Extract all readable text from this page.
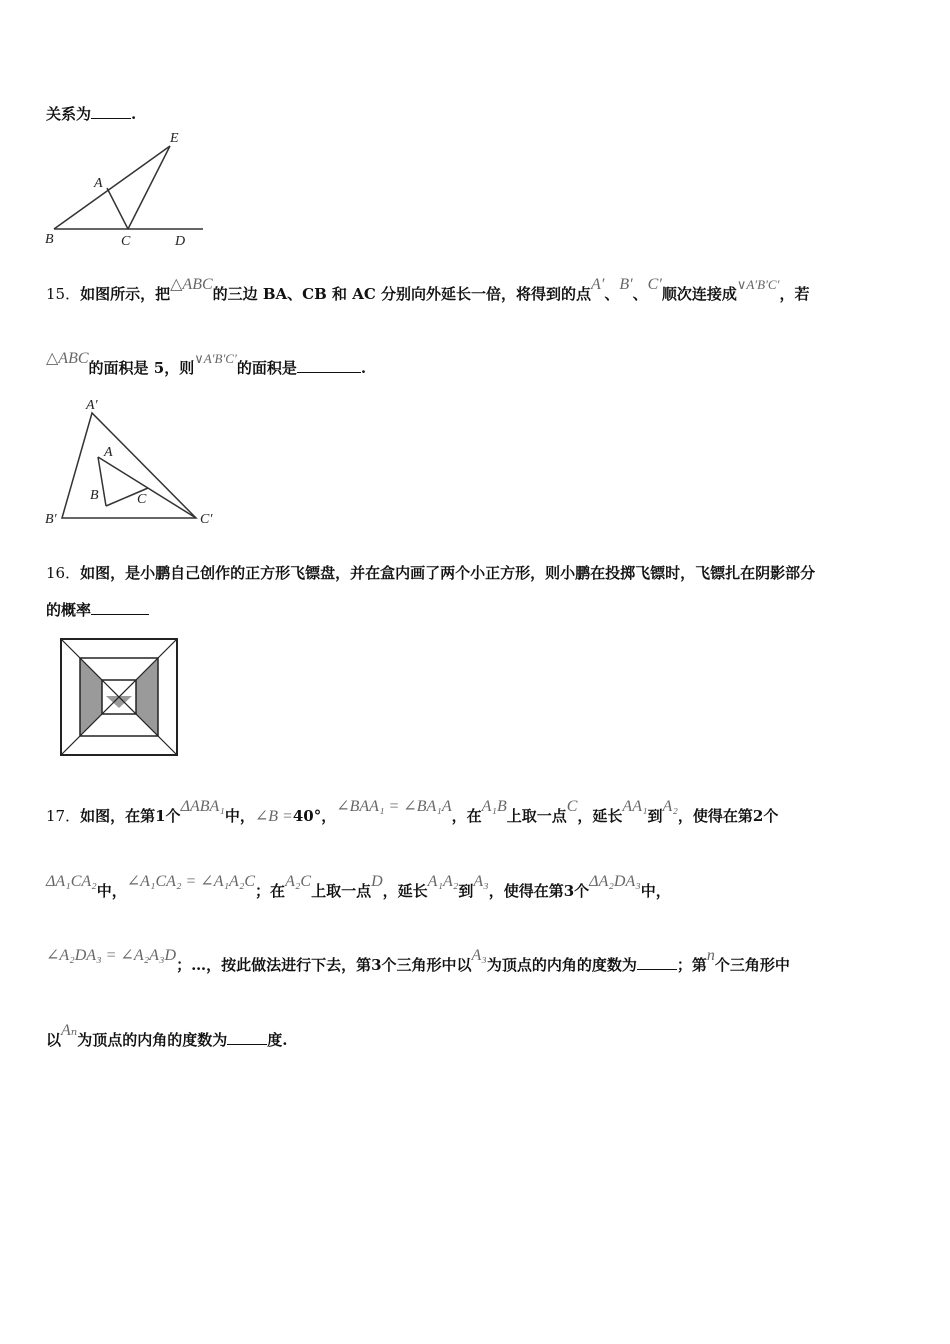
关系为	.
E
A
B	C	D
15．如图所示，把△ABC的三边 BA、CB 和 AC 分别向外延长一倍，将得到的点A′、B′、C′顺次连接成∨A′B′C′，若
△ABC的面积是 5，则∨A′B′C′的面积是	.
A′
A
B	C
B′	C′
16．如图，是小鹏自己创作的正方形飞镖盘，并在盒内画了两个小正方形，则小鹏在投掷飞镖时，飞镖扎在阴影部分
的概率
17．如图，在第1个ΔABA₁中，∠B =40°，∠BAA₁ = ∠BA₁A，在A₁B上取一点C，延长AA₁到A₂，使得在第2个
ΔA₁CA₂中，∠A₁CA₂ = ∠A₁A₂C；在A₂C上取一点D，延长A₁A₂到A₃，使得在第3个ΔA₂DA₃中，
∠A₂DA₃ = ∠A₂A₃D；…，按此做法进行下去，第3个三角形中以A₃为顶点的内角的度数为	；第n个三角形中
以Aₙ为顶点的内角的度数为	度.
